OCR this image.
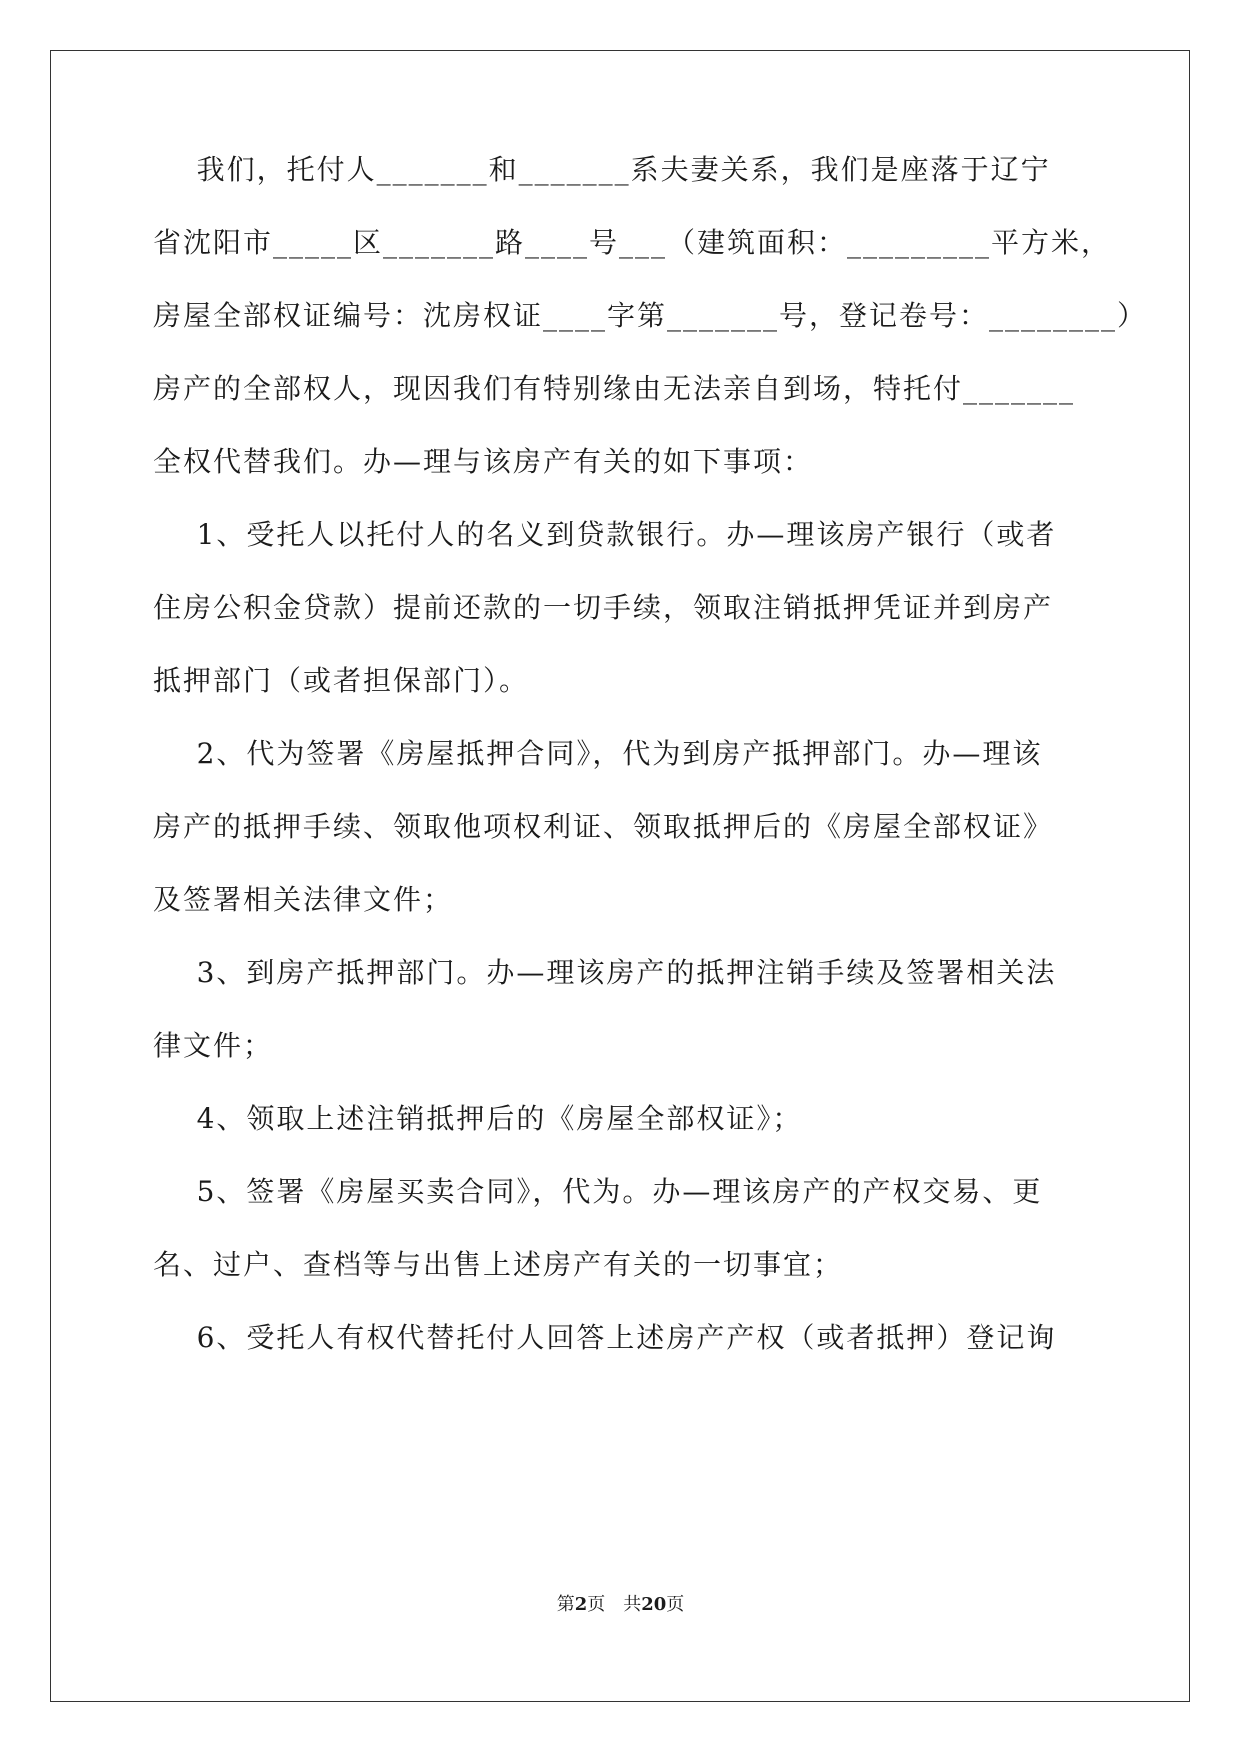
我们，托付人_______和_______系夫妻关系，我们是座落于辽宁
省沈阳市_____区_______路____号___（建筑面积：_________平方米，
房屋全部权证编号：沈房权证____字第_______号，登记卷号：________）
房产的全部权人，现因我们有特别缘由无法亲自到场，特托付_______
全权代替我们。办—理与该房产有关的如下事项：
1、受托人以托付人的名义到贷款银行。办—理该房产银行（或者
住房公积金贷款）提前还款的一切手续，领取注销抵押凭证并到房产
抵押部门（或者担保部门）。
2、代为签署《房屋抵押合同》，代为到房产抵押部门。办—理该
房产的抵押手续、领取他项权利证、领取抵押后的《房屋全部权证》
及签署相关法律文件；
3、到房产抵押部门。办—理该房产的抵押注销手续及签署相关法
律文件；
4、领取上述注销抵押后的《房屋全部权证》；
5、签署《房屋买卖合同》，代为。办—理该房产的产权交易、更
名、过户、查档等与出售上述房产有关的一切事宜；
6、受托人有权代替托付人回答上述房产产权（或者抵押）登记询
第2页 共20页
